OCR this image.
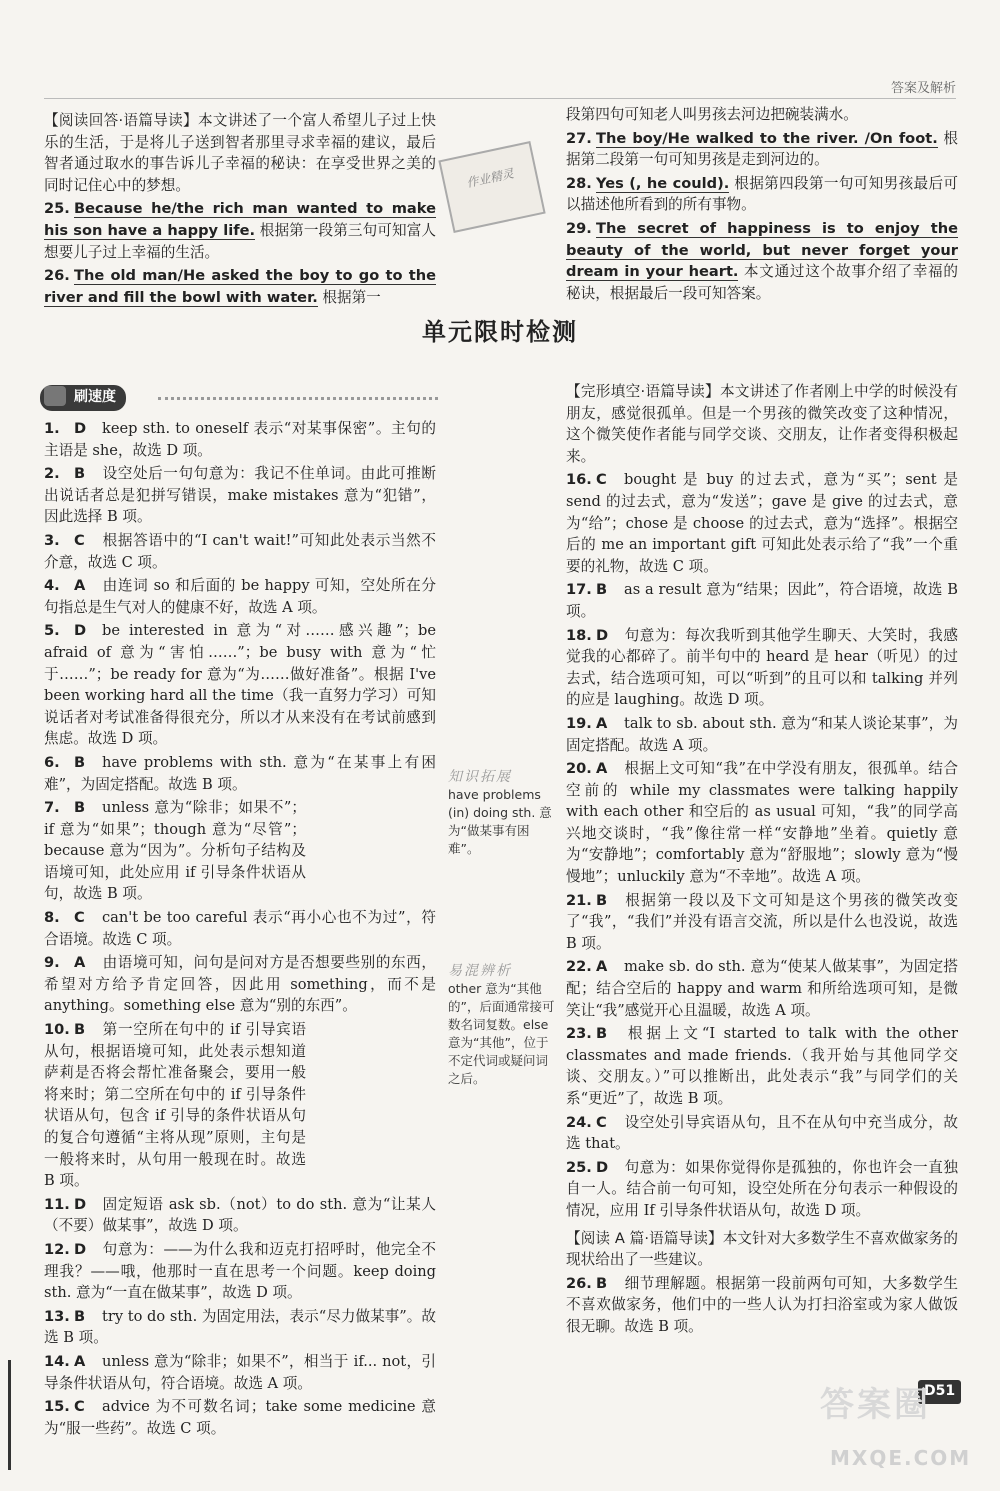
答案及解析

【阅读回答·语篇导读】本文讲述了一个富人希望儿子过上快乐的生活，于是将儿子送到智者那里寻求幸福的建议，最后智者通过取水的事告诉儿子幸福的秘诀：在享受世界之美的同时记住心中的梦想。

25. Because he/the rich man wanted to make his son have a happy life. 根据第一段第三句可知富人想要儿子过上幸福的生活。

26. The old man/He asked the boy to go to the river and fill the bowl with water. 根据第一

作业精灵

段第四句可知老人叫男孩去河边把碗装满水。

27. The boy/He walked to the river. /On foot. 根据第二段第一句可知男孩是走到河边的。

28. Yes (, he could). 根据第四段第一句可知男孩最后可以描述他所看到的所有事物。

29. The secret of happiness is to enjoy the beauty of the world, but never forget your dream in your heart. 本文通过这个故事介绍了幸福的秘诀，根据最后一段可知答案。

单元限时检测
刷速度

1. D keep sth. to oneself 表示“对某事保密”。主句的主语是 she，故选 D 项。

2. B 设空处后一句句意为：我记不住单词。由此可推断出说话者总是犯拼写错误，make mistakes 意为“犯错”，因此选择 B 项。

3. C 根据答语中的“I can't wait!”可知此处表示当然不介意，故选 C 项。

4. A 由连词 so 和后面的 be happy 可知，空处所在分句指总是生气对人的健康不好，故选 A 项。

5. D be interested in 意为“对……感兴趣”；be afraid of 意为“害怕……”；be busy with 意为“忙于……”；be ready for 意为“为……做好准备”。根据 I've been working hard all the time（我一直努力学习）可知说话者对考试准备得很充分，所以才从来没有在考试前感到焦虑。故选 D 项。

6. B have problems with sth. 意为“在某事上有困难”，为固定搭配。故选 B 项。

7. B unless 意为“除非；如果不”；if 意为“如果”；though 意为“尽管”；because 意为“因为”。分析句子结构及语境可知，此处应用 if 引导条件状语从句，故选 B 项。

8. C can't be too careful 表示“再小心也不为过”，符合语境。故选 C 项。

9. A 由语境可知，问句是问对方是否想要些别的东西，希望对方给予肯定回答，因此用 something，而不是 anything。something else 意为“别的东西”。

10. B 第一空所在句中的 if 引导宾语从句，根据语境可知，此处表示想知道萨莉是否将会帮忙准备聚会，要用一般将来时；第二空所在句中的 if 引导条件状语从句，包含 if 引导的条件状语从句的复合句遵循“主将从现”原则，主句是一般将来时，从句用一般现在时。故选 B 项。

11. D 固定短语 ask sb.（not）to do sth. 意为“让某人（不要）做某事”，故选 D 项。

12. D 句意为：——为什么我和迈克打招呼时，他完全不理我？——哦，他那时一直在思考一个问题。keep doing sth. 意为“一直在做某事”，故选 D 项。

13. B try to do sth. 为固定用法，表示“尽力做某事”。故选 B 项。

14. A unless 意为“除非；如果不”，相当于 if... not，引导条件状语从句，符合语境。故选 A 项。

15. C advice 为不可数名词；take some medicine 意为“服一些药”。故选 C 项。

知识拓展
have problems (in) doing sth. 意为“做某事有困难”。
易混辨析
other 意为“其他的”，后面通常接可数名词复数。else 意为“其他”，位于不定代词或疑问词之后。

【完形填空·语篇导读】本文讲述了作者刚上中学的时候没有朋友，感觉很孤单。但是一个男孩的微笑改变了这种情况，这个微笑使作者能与同学交谈、交朋友，让作者变得积极起来。

16. C bought 是 buy 的过去式，意为“买”；sent 是 send 的过去式，意为“发送”；gave 是 give 的过去式，意为“给”；chose 是 choose 的过去式，意为“选择”。根据空后的 me an important gift 可知此处表示给了“我”一个重要的礼物，故选 C 项。

17. B as a result 意为“结果；因此”，符合语境，故选 B 项。

18. D 句意为：每次我听到其他学生聊天、大笑时，我感觉我的心都碎了。前半句中的 heard 是 hear（听见）的过去式，结合选项可知，可以“听到”的且可以和 talking 并列的应是 laughing。故选 D 项。

19. A talk to sb. about sth. 意为“和某人谈论某事”，为固定搭配。故选 A 项。

20. A 根据上文可知“我”在中学没有朋友，很孤单。结合空前的 while my classmates were talking happily with each other 和空后的 as usual 可知，“我”的同学高兴地交谈时，“我”像往常一样“安静地”坐着。quietly 意为“安静地”；comfortably 意为“舒服地”；slowly 意为“慢慢地”；unluckily 意为“不幸地”。故选 A 项。

21. B 根据第一段以及下文可知是这个男孩的微笑改变了“我”，“我们”并没有语言交流，所以是什么也没说，故选 B 项。

22. A make sb. do sth. 意为“使某人做某事”，为固定搭配；结合空后的 happy and warm 和所给选项可知，是微笑让“我”感觉开心且温暖，故选 A 项。

23. B 根据上文“I started to talk with the other classmates and made friends.（我开始与其他同学交谈、交朋友。）”可以推断出，此处表示“我”与同学们的关系“更近”了，故选 B 项。

24. C 设空处引导宾语从句，且不在从句中充当成分，故选 that。

25. D 句意为：如果你觉得你是孤独的，你也许会一直独自一人。结合前一句可知，设空处所在分句表示一种假设的情况，应用 If 引导条件状语从句，故选 D 项。

【阅读 A 篇·语篇导读】本文针对大多数学生不喜欢做家务的现状给出了一些建议。

26. B 细节理解题。根据第一段前两句可知，大多数学生不喜欢做家务，他们中的一些人认为打扫浴室或为家人做饭很无聊。故选 B 项。

D51
答案圈
MXQE.COM
